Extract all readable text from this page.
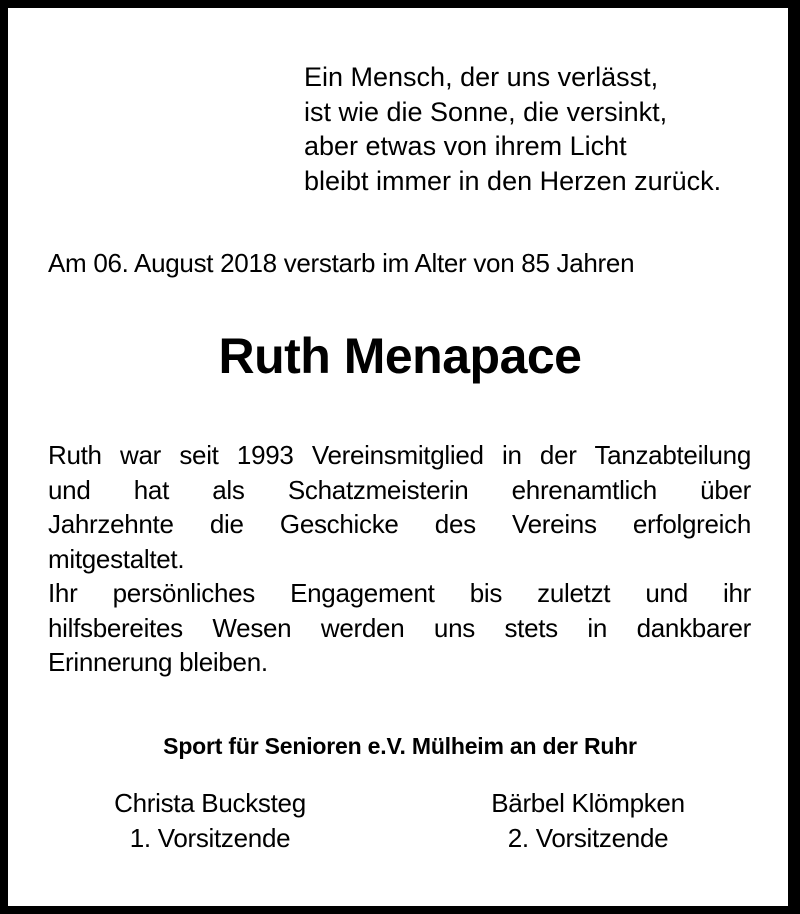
Ein Mensch, der uns verlässt,
ist wie die Sonne, die versinkt,
aber etwas von ihrem Licht
bleibt immer in den Herzen zurück.
Am 06. August 2018 verstarb im Alter von 85 Jahren
Ruth Menapace
Ruth war seit 1993 Vereinsmitglied in der Tanzabteilung
und hat als Schatzmeisterin ehrenamtlich über
Jahrzehnte die Geschicke des Vereins erfolgreich
mitgestaltet.
Ihr persönliches Engagement bis zuletzt und ihr
hilfsbereites Wesen werden uns stets in dankbarer
Erinnerung bleiben.
Sport für Senioren e.V. Mülheim an der Ruhr
Christa Bucksteg
1. Vorsitzende
Bärbel Klömpken
2. Vorsitzende
